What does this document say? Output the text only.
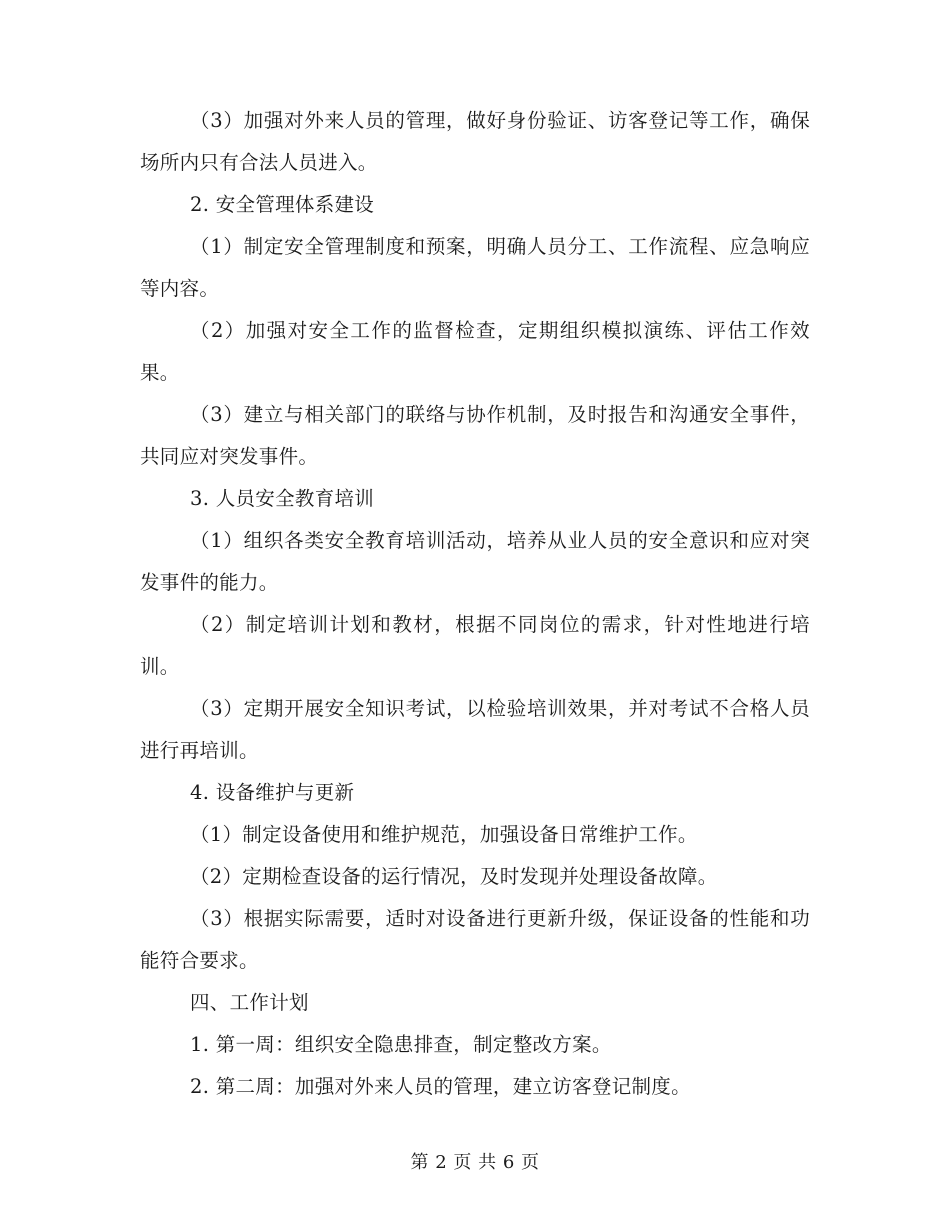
（3）加强对外来人员的管理，做好身份验证、访客登记等工作，确保场所内只有合法人员进入。

2. 安全管理体系建设

（1）制定安全管理制度和预案，明确人员分工、工作流程、应急响应等内容。

（2）加强对安全工作的监督检查，定期组织模拟演练、评估工作效果。

（3）建立与相关部门的联络与协作机制，及时报告和沟通安全事件，共同应对突发事件。

3. 人员安全教育培训

（1）组织各类安全教育培训活动，培养从业人员的安全意识和应对突发事件的能力。

（2）制定培训计划和教材，根据不同岗位的需求，针对性地进行培训。

（3）定期开展安全知识考试，以检验培训效果，并对考试不合格人员进行再培训。

4. 设备维护与更新

（1）制定设备使用和维护规范，加强设备日常维护工作。

（2）定期检查设备的运行情况，及时发现并处理设备故障。

（3）根据实际需要，适时对设备进行更新升级，保证设备的性能和功能符合要求。

四、工作计划

1. 第一周：组织安全隐患排查，制定整改方案。

2. 第二周：加强对外来人员的管理，建立访客登记制度。

第 2 页 共 6 页
